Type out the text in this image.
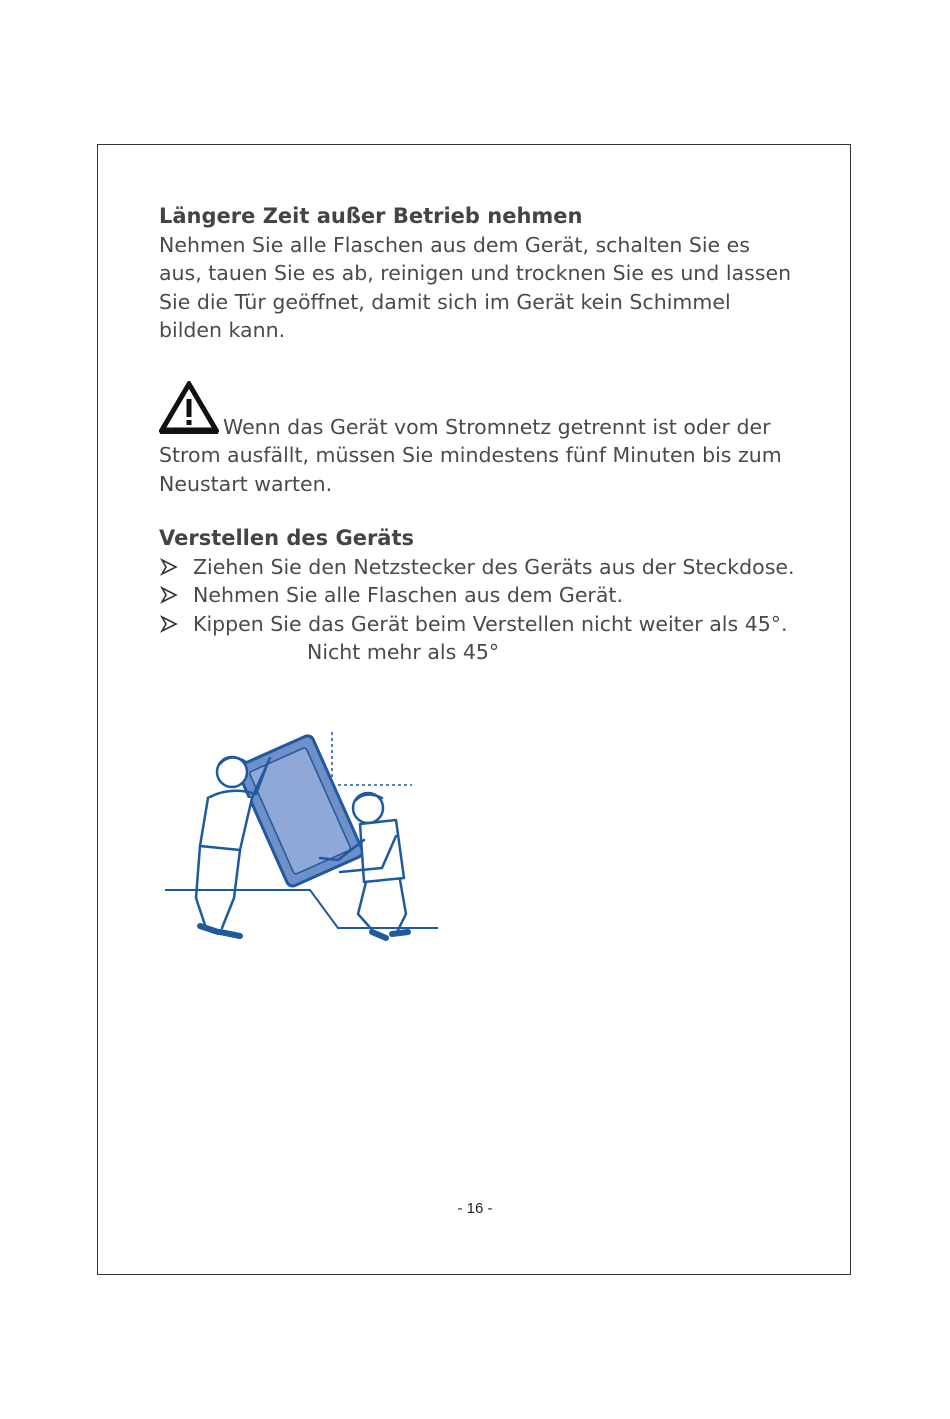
Längere Zeit außer Betrieb nehmen

Nehmen Sie alle Flaschen aus dem Gerät, schalten Sie es aus, tauen Sie es ab, reinigen und trocknen Sie es und lassen Sie die Tür geöffnet, damit sich im Gerät kein Schimmel bilden kann.

Wenn das Gerät vom Stromnetz getrennt ist oder der Strom ausfällt, müssen Sie mindestens fünf Minuten bis zum Neustart warten.

Verstellen des Geräts

Ziehen Sie den Netzstecker des Geräts aus der Steckdose.
Nehmen Sie alle Flaschen aus dem Gerät.
Kippen Sie das Gerät beim Verstellen nicht weiter als 45°.

Nicht mehr als 45°

- 16 -
